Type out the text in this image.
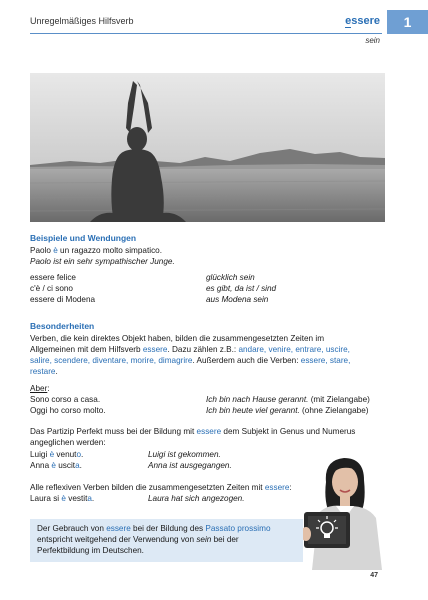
Unregelmäßiges Hilfsverb	essere
sein
1
Beispiele und Wendungen
Paolo è un ragazzo molto simpatico.
Paolo ist ein sehr sympathischer Junge.
essere felice	glücklich sein
c'è / ci sono	es gibt, da ist / sind
essere di Modena	aus Modena sein
Besonderheiten
Verben, die kein direktes Objekt haben, bilden die zusammengesetzten Zeiten im
Allgemeinen mit dem Hilfsverb essere. Dazu zählen z.B.: andare, venire, entrare, uscire,
salire, scendere, diventare, morire, dimagrire. Außerdem auch die Verben: essere, stare,
restare.
Aber:
Sono corso a casa.	Ich bin nach Hause gerannt. (mit Zielangabe)
Oggi ho corso molto.	Ich bin heute viel gerannt. (ohne Zielangabe)
Das Partizip Perfekt muss bei der Bildung mit essere dem Subjekt in Genus und Numerus
angeglichen werden:
Luigi è venuto.	Luigi ist gekommen.
Anna è uscita.	Anna ist ausgegangen.
Alle reflexiven Verben bilden die zusammengesetzten Zeiten mit essere:
Laura si è vestita.	Laura hat sich angezogen.
Der Gebrauch von essere bei der Bildung des Passato prossimo
entspricht weitgehend der Verwendung von sein bei der
Perfektbildung im Deutschen.
47
